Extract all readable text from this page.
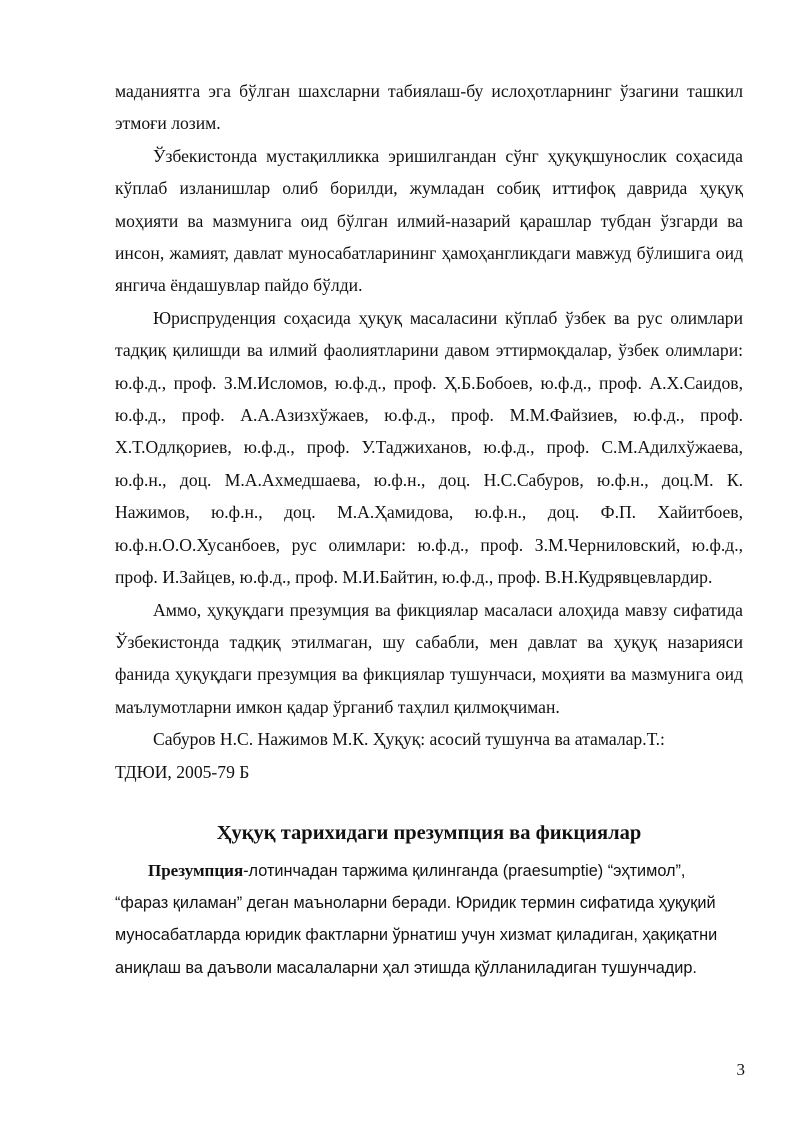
маданиятга эга бўлган шахсларни табиялаш-бу ислоҳотларнинг ўзагини ташкил этмоғи лозим.

Ўзбекистонда мустақилликка эришилгандан сўнг ҳуқуқшунослик соҳасида кўплаб изланишлар олиб борилди, жумладан собиқ иттифоқ даврида ҳуқуқ моҳияти ва мазмунига оид бўлган илмий-назарий қарашлар тубдан ўзгарди ва инсон, жамият, давлат муносабатларининг ҳамоҳангликдаги мавжуд бўлишига оид янгича ёндашувлар пайдо бўлди.

Юриспруденция соҳасида ҳуқуқ масаласини кўплаб ўзбек ва рус олимлари тадқиқ қилишди ва илмий фаолиятларини давом эттирмоқдалар, ўзбек олимлари: ю.ф.д., проф. З.М.Исломов, ю.ф.д., проф. Ҳ.Б.Бобоев, ю.ф.д., проф. А.Х.Саидов, ю.ф.д., проф. А.А.Азизхўжаев, ю.ф.д., проф. М.М.Файзиев, ю.ф.д., проф. Х.Т.Одлқориев, ю.ф.д., проф. У.Таджиханов, ю.ф.д., проф. С.М.Адилхўжаева, ю.ф.н., доц. М.А.Ахмедшаева, ю.ф.н., доц. Н.С.Сабуров, ю.ф.н., доц.М. К. Нажимов, ю.ф.н., доц. М.А.Ҳамидова, ю.ф.н., доц. Ф.П. Хайитбоев, ю.ф.н.О.О.Хусанбоев, рус олимлари: ю.ф.д., проф. З.М.Черниловский, ю.ф.д., проф. И.Зайцев, ю.ф.д., проф. М.И.Байтин, ю.ф.д., проф. В.Н.Кудрявцевлардир.

Аммо, ҳуқуқдаги презумция ва фикциялар масаласи алоҳида мавзу сифатида Ўзбекистонда тадқиқ этилмаган, шу сабабли, мен давлат ва ҳуқуқ назарияси фанида ҳуқуқдаги презумция ва фикциялар тушунчаси, моҳияти ва мазмунига оид маълумотларни имкон қадар ўрганиб таҳлил қилмоқчиман.

Сабуров Н.С. Нажимов М.К. Ҳуқуқ: асосий тушунча ва атамалар.Т.:

ТДЮИ, 2005-79 Б

Ҳуқуқ тарихидаги презумпция ва фикциялар

Презумпция-лотинчадан таржима қилинганда (praesumptie) “эҳтимол”, “фараз қиламан” деган маъноларни беради. Юридик термин сифатида ҳуқуқий муносабатларда юридик фактларни ўрнатиш учун хизмат қиладиган, ҳақиқатни аниқлаш ва даъволи масалаларни ҳал этишда қўлланиладиган тушунчадир.

3
